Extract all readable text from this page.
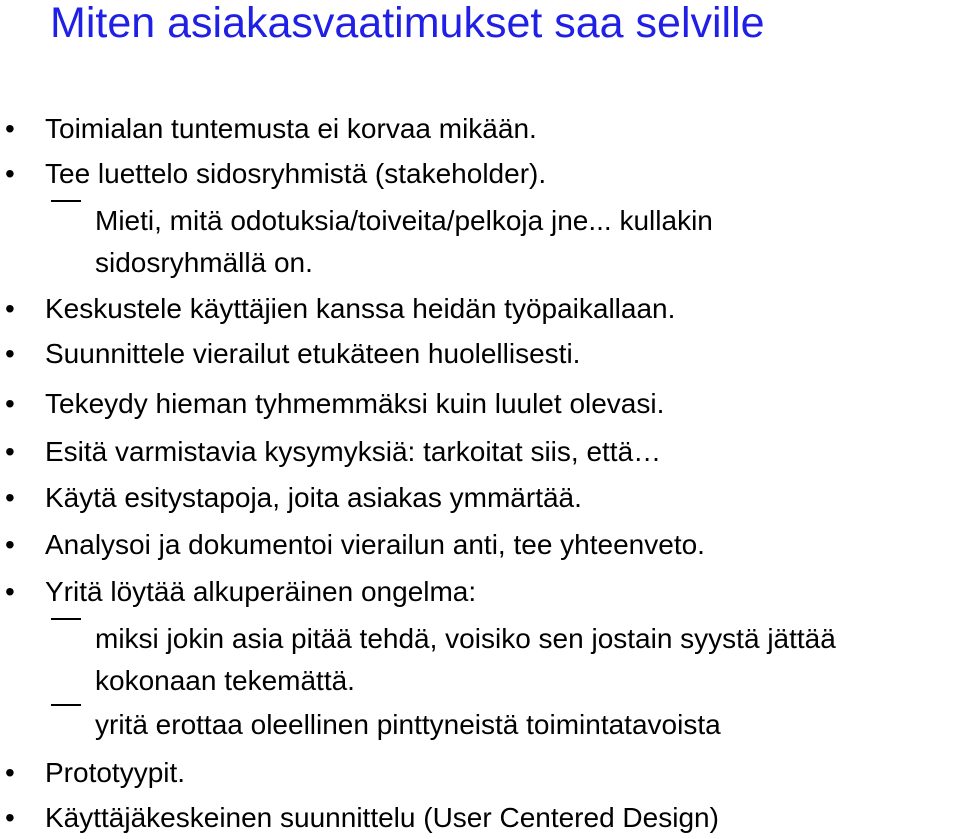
Miten asiakasvaatimukset saa selville
• Toimialan tuntemusta ei korvaa mikään.
• Tee luettelo sidosryhmistä (stakeholder).
Mieti, mitä odotuksia/toiveita/pelkoja jne... kullakin
sidosryhmällä on.
• Keskustele käyttäjien kanssa heidän työpaikallaan.
• Suunnittele vierailut etukäteen huolellisesti.
• Tekeydy hieman tyhmemmäksi kuin luulet olevasi.
• Esitä varmistavia kysymyksiä: tarkoitat siis, että…
• Käytä esitystapoja, joita asiakas ymmärtää.
• Analysoi ja dokumentoi vierailun anti, tee yhteenveto.
• Yritä löytää alkuperäinen ongelma:
miksi jokin asia pitää tehdä, voisiko sen jostain syystä jättää
kokonaan tekemättä.
yritä erottaa oleellinen pinttyneistä toimintatavoista
• Prototyypit.
• Käyttäjäkeskeinen suunnittelu (User Centered Design)
